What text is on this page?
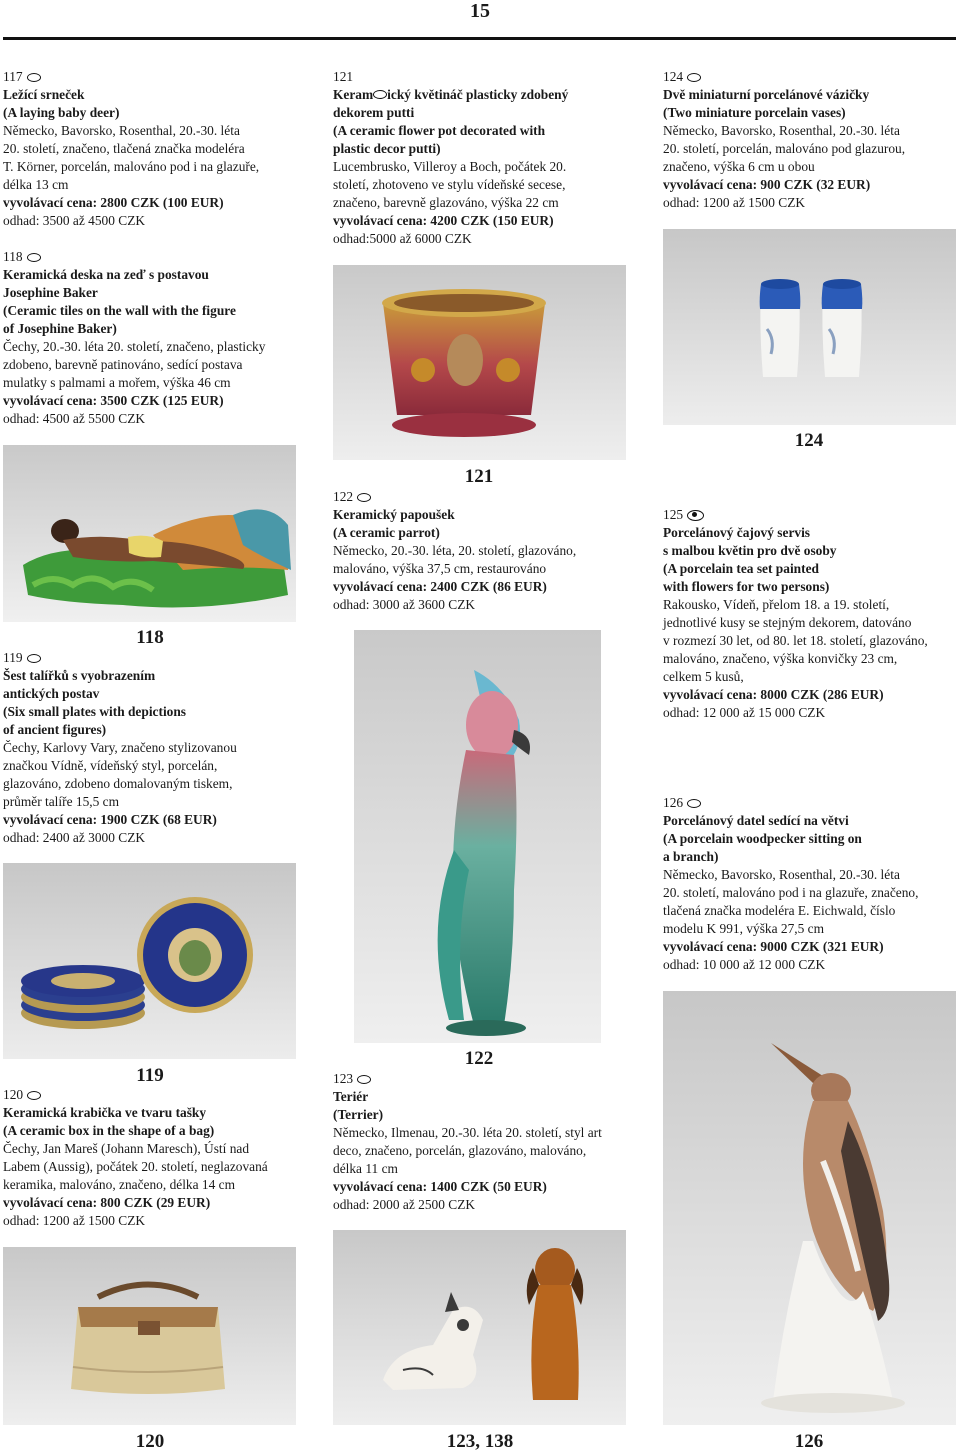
15
117
Ležící srneček
(A laying baby deer)
Německo, Bavorsko, Rosenthal, 20.-30. léta
20. století, značeno, tlačená značka modeléra
T. Körner, porcelán, malováno pod i na glazuře,
délka 13 cm
vyvolávací cena: 2800 CZK (100 EUR)
odhad: 3500 až 4500 CZK
118
Keramická deska na zeď s postavou
Josephine Baker
(Ceramic tiles on the wall with the figure
of Josephine Baker)
Čechy, 20.-30. léta 20. století, značeno, plasticky
zdobeno, barevně patinováno, sedící postava
mulatky s palmami a mořem, výška 46 cm
vyvolávací cena: 3500 CZK (125 EUR)
odhad: 4500 až 5500 CZK
118
119
Šest talířků s vyobrazením
antických postav
(Six small plates with depictions
of ancient figures)
Čechy, Karlovy Vary, značeno stylizovanou
značkou Vídně, vídeňský styl, porcelán,
glazováno, zdobeno domalovaným tiskem,
průměr talíře 15,5 cm
vyvolávací cena: 1900 CZK (68 EUR)
odhad: 2400 až 3000 CZK
119
120
Keramická krabička ve tvaru tašky
(A ceramic box in the shape of a bag)
Čechy, Jan Mareš (Johann Maresch), Ústí nad
Labem (Aussig), počátek 20. století, neglazovaná
keramika, malováno, značeno, délka 14 cm
vyvolávací cena: 800 CZK (29 EUR)
odhad: 1200 až 1500 CZK
120
121
Keram ický květináč plasticky zdobený
dekorem putti
(A ceramic flower pot decorated with
plastic decor putti)
Lucembrusko, Villeroy a Boch, počátek 20.
století, zhotoveno ve stylu vídeňské secese,
značeno, barevně glazováno, výška 22 cm
vyvolávací cena: 4200 CZK (150 EUR)
odhad:5000 až 6000 CZK
121
122
Keramický papoušek
(A ceramic parrot)
Německo, 20.-30. léta, 20. století, glazováno,
malováno, výška 37,5 cm, restaurováno
vyvolávací cena: 2400 CZK (86 EUR)
odhad: 3000 až 3600 CZK
122
123
Teriér
(Terrier)
Německo, Ilmenau, 20.-30. léta 20. století, styl art
deco, značeno, porcelán, glazováno, malováno,
délka 11 cm
vyvolávací cena: 1400 CZK (50 EUR)
odhad: 2000 až 2500 CZK
123, 138
124
Dvě miniaturní porcelánové vázičky
(Two miniature porcelain vases)
Německo, Bavorsko, Rosenthal, 20.-30. léta
20. století, porcelán, malováno pod glazurou,
značeno, výška 6 cm u obou
vyvolávací cena: 900 CZK (32 EUR)
odhad: 1200 až 1500 CZK
124
125
Porcelánový čajový servis
s malbou květin pro dvě osoby
(A porcelain tea set painted
with flowers for two persons)
Rakousko, Vídeň, přelom 18. a 19. století,
jednotlivé kusy se stejným dekorem, datováno
v rozmezí 30 let, od 80. let 18. století, glazováno,
malováno, značeno, výška konvičky 23 cm,
celkem 5 kusů,
vyvolávací cena: 8000 CZK (286 EUR)
odhad: 12 000 až 15 000 CZK
126
Porcelánový datel sedící na větvi
(A porcelain woodpecker sitting on
a branch)
Německo, Bavorsko, Rosenthal, 20.-30. léta
20. století, malováno pod i na glazuře, značeno,
tlačená značka modeléra E. Eichwald, číslo
modelu K 991, výška 27,5 cm
vyvolávací cena: 9000 CZK (321 EUR)
odhad: 10 000 až 12 000 CZK
126
